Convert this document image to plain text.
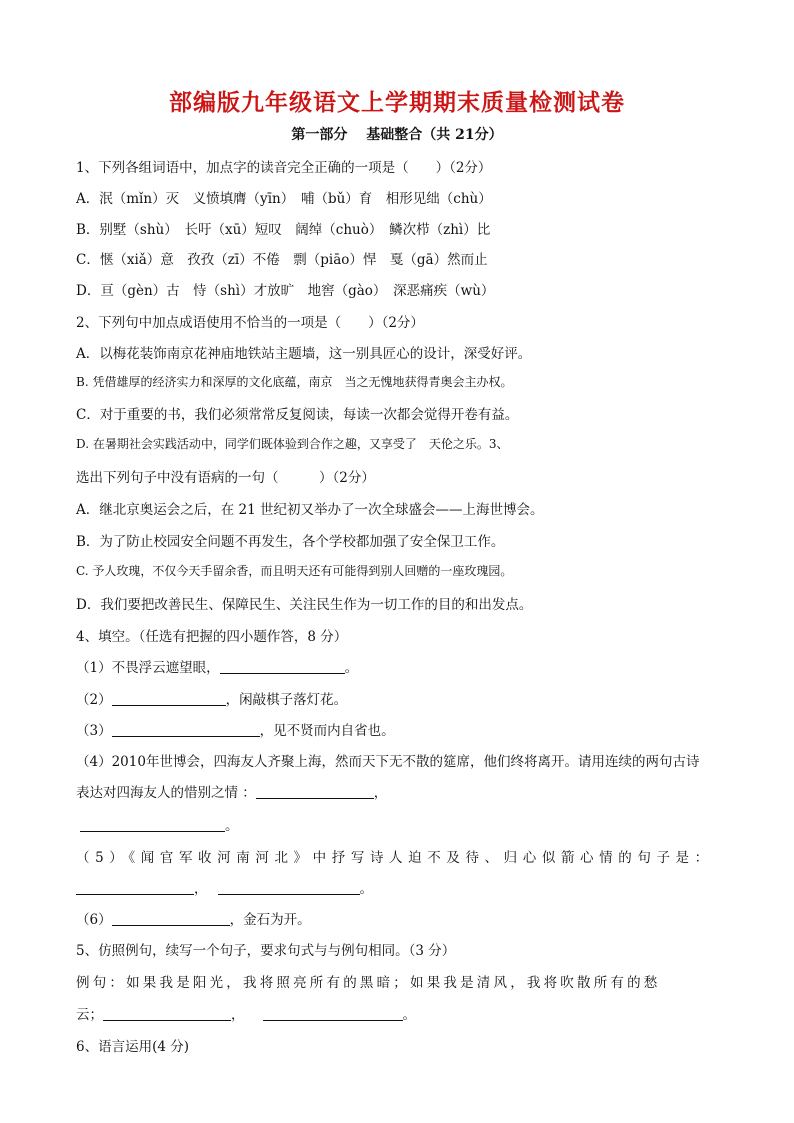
部编版九年级语文上学期期末质量检测试卷
第一部分　 基础整合（共 21分）
1、下列各组词语中，加点字的读音完全正确的一项是（　　）（2分）
A．泯（mǐn）灭　义愤填膺（yīn）　哺（bǔ）育　相形见绌（chù）
B．别墅（shù）　长吁（xū）短叹　阔绰（chuò）　鳞次栉（zhì）比
C．惬（xiǎ）意　孜孜（zī）不倦　剽（piāo）悍　戛（gā）然而止
D．亘（gèn）古　恃（shì）才放旷　地窖（gào）　深恶痛疾（wù）
2、下列句中加点成语使用不恰当的一项是（　　）（2分）
A．以梅花装饰南京花神庙地铁站主题墙，这一别具匠心的设计，深受好评。
B. 凭借雄厚的经济实力和深厚的文化底蕴，南京　当之无愧地获得青奥会主办权。
C．对于重要的书，我们必须常常反复阅读，每读一次都会觉得开卷有益。
D. 在暑期社会实践活动中，同学们既体验到合作之趣，又享受了　天伦之乐。3、
选出下列句子中没有语病的一句（　　　）（2分）
A．继北京奥运会之后，在 21 世纪初又举办了一次全球盛会——上海世博会。
B．为了防止校园安全问题不再发生，各个学校都加强了安全保卫工作。
C. 予人玫瑰，不仅今天手留余香，而且明天还有可能得到别人回赠的一座玫瑰园。
D．我们要把改善民生、保障民生、关注民生作为一切工作的目的和出发点。
4、填空。（任选有把握的四小题作答，8 分）
（1）不畏浮云遮望眼，	。
（2）	，闲敲棋子落灯花。
（3）	，见不贤而内自省也。
（4）2010年世博会，四海友人齐聚上海，然而天下无不散的筵席，他们终将离开。请用连续的两句古诗
表达对四海友人的惜别之情 ：	，
。
（5）《闻官军收河南河北》中抒写诗人迫不及待、归心似箭心情的句子是：
，	。
（6）	，金石为开。
5、仿照例句，续写一个句子，要求句式与与例句相同。（3 分）
例句：如果我是阳光，我将照亮所有的黑暗；如果我是清风，我将吹散所有的愁
云；	，	。
6、语言运用(4 分)
